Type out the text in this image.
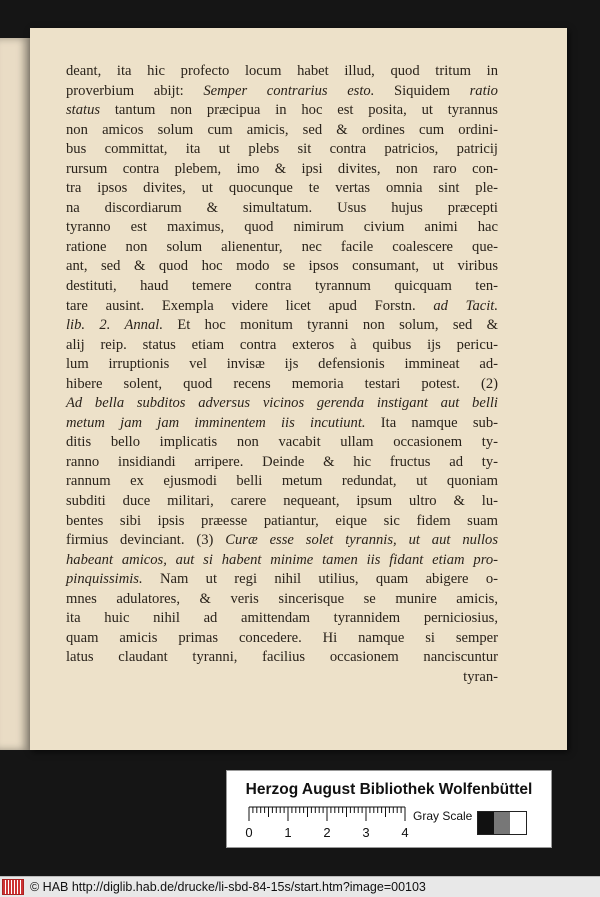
deant, ita hic profecto locum habet illud, quod tritum in
proverbium abijt: Semper contrarius esto. Siquidem ratio
status tantum non præcipua in hoc est posita, ut tyrannus
non amicos solum cum amicis, sed & ordines cum ordini-
bus committat, ita ut plebs sit contra patricios, patricij
rursum contra plebem, imo & ipsi divites, non raro con-
tra ipsos divites, ut quocunque te vertas omnia sint ple-
na discordiarum & simultatum. Usus hujus præcepti
tyranno est maximus, quod nimirum civium animi hac
ratione non solum alienentur, nec facile coalescere que-
ant, sed & quod hoc modo se ipsos consumant, ut viribus
destituti, haud temere contra tyrannum quicquam ten-
tare ausint. Exempla videre licet apud Forstn. ad Tacit.
lib. 2. Annal. Et hoc monitum tyranni non solum, sed &
alij reip. status etiam contra exteros à quibus ijs pericu-
lum irruptionis vel invisæ ijs defensionis immineat ad-
hibere solent, quod recens memoria testari potest. (2)
Ad bella subditos adversus vicinos gerenda instigant aut belli
metum jam jam imminentem iis incutiunt. Ita namque sub-
ditis bello implicatis non vacabit ullam occasionem ty-
ranno insidiandi arripere. Deinde & hic fructus ad ty-
rannum ex ejusmodi belli metum redundat, ut quoniam
subditi duce militari, carere nequeant, ipsum ultro & lu-
bentes sibi ipsis præesse patiantur, eique sic fidem suam
firmius devinciant. (3) Curæ esse solet tyrannis, ut aut nullos
habeant amicos, aut si habent minime tamen iis fidant etiam pro-
pinquissimis. Nam ut regi nihil utilius, quam abigere o-
mnes adulatores, & veris sincerisque se munire amicis,
ita huic nihil ad amittendam tyrannidem perniciosius,
quam amicis primas concedere. Hi namque si semper
latus claudant tyranni, facilius occasionem nanciscuntur
tyran-
Herzog August Bibliothek Wolfenbüttel
0 1 2 3 4
Gray Scale
© HAB http://diglib.hab.de/drucke/li-sbd-84-15s/start.htm?image=00103
